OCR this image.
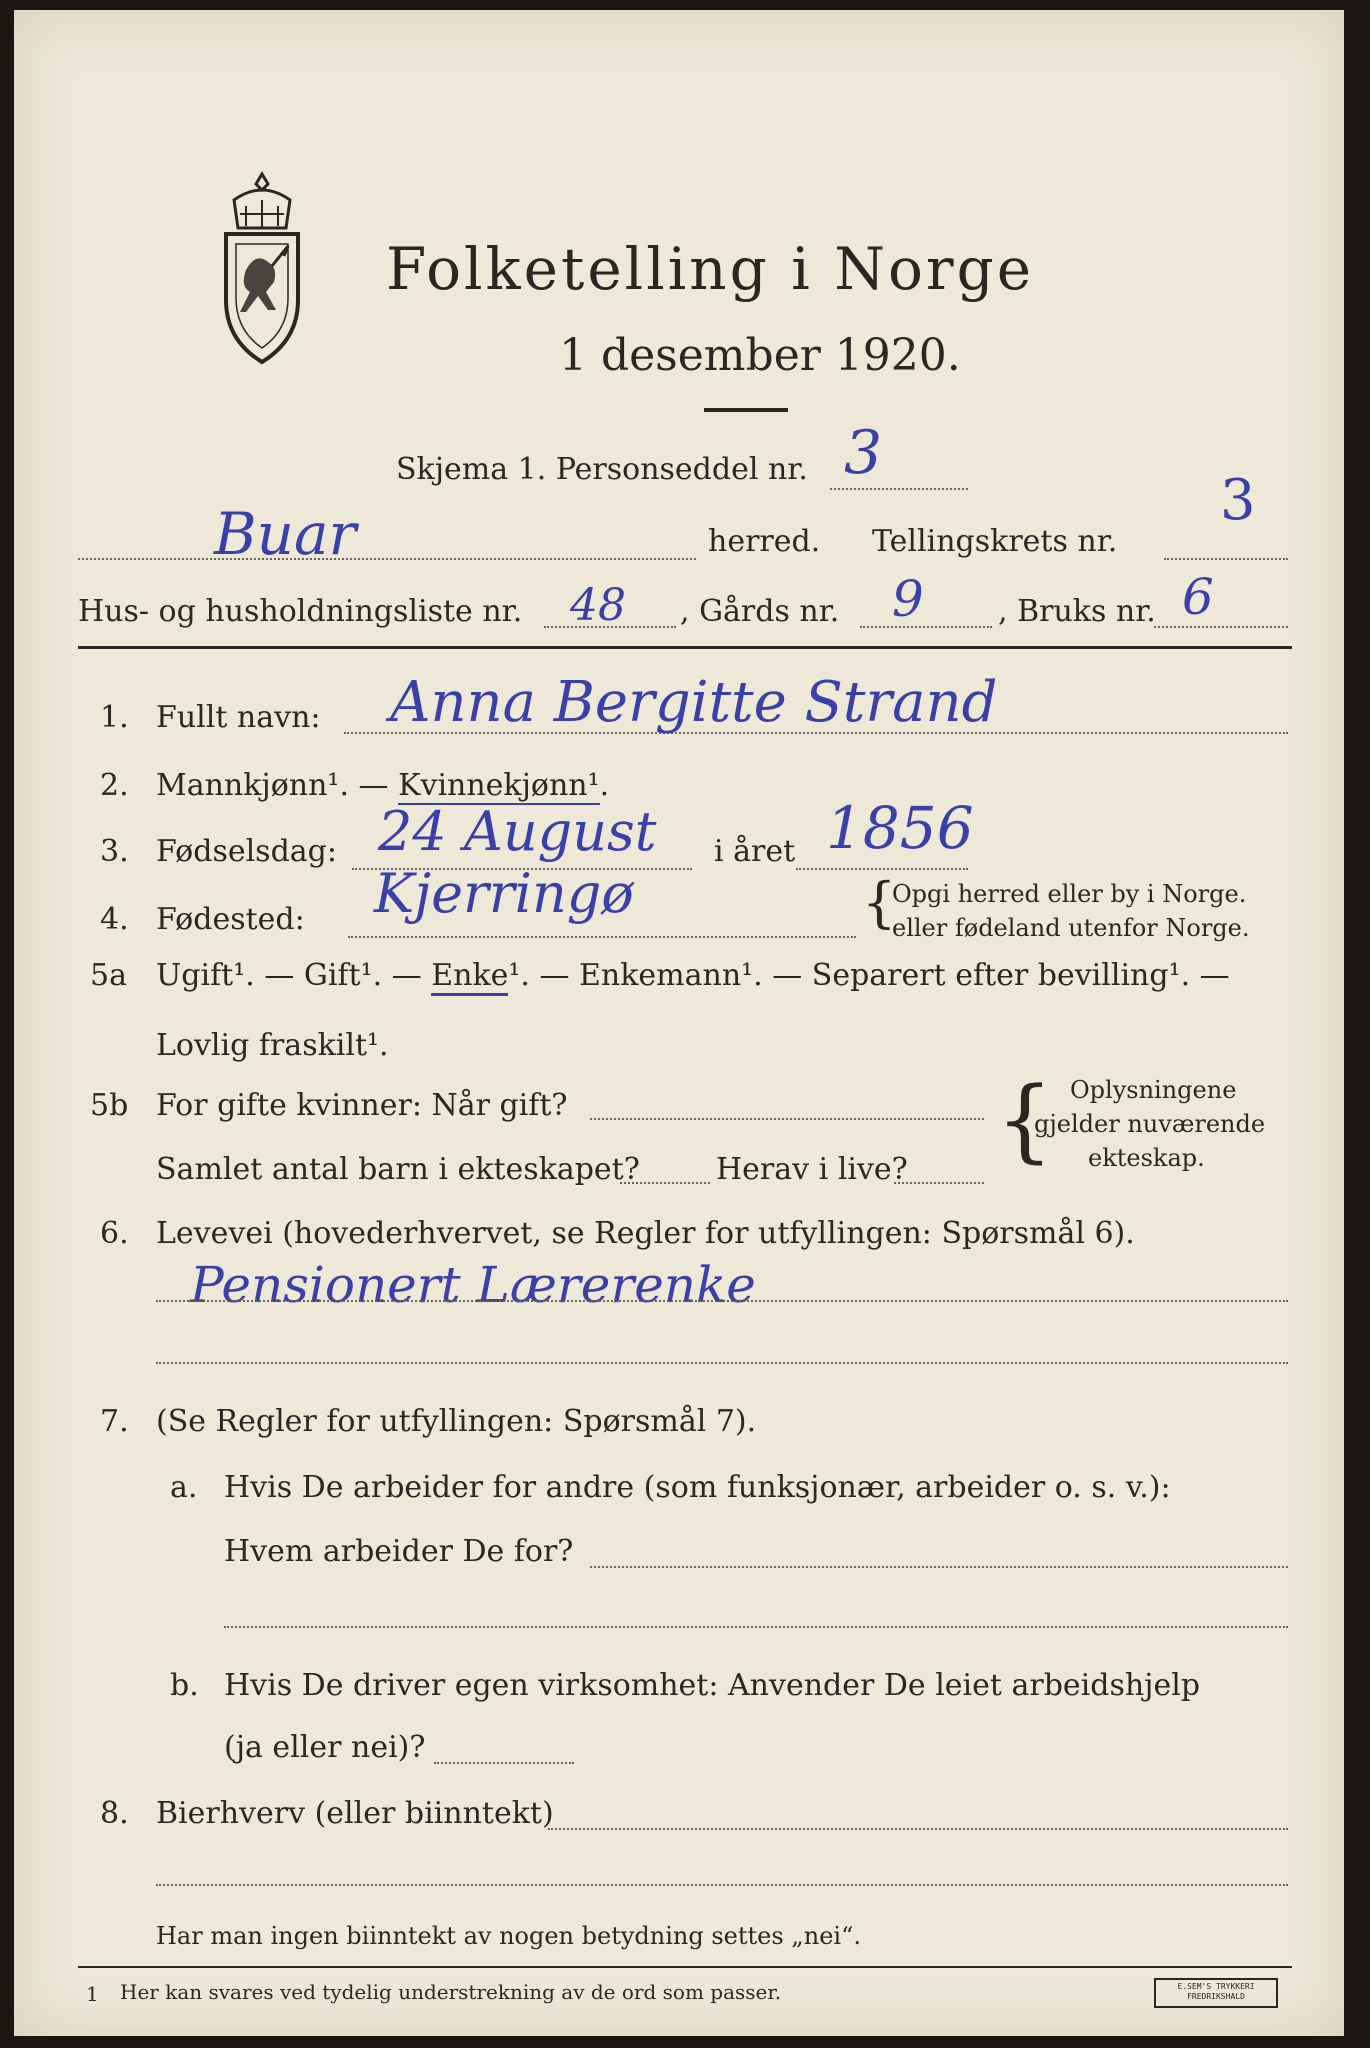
Folketelling i Norge
1 desember 1920.
Skjema 1. Personseddel nr. 3
Buar	herred. Tellingskrets nr.
3
Hus- og husholdningsliste nr. 48 , Gårds nr. 9 , Bruks nr. 6
1. Fullt navn: Anna Bergitte Strand
2. Mannkjønn¹. — Kvinnekjønn¹.
3. Fødselsdag: 24 August i året 1856
4. Fødested: Kjerringø	{
Opgi herred eller by i Norge.
eller fødeland utenfor Norge.
5a Ugift¹. — Gift¹. — Enke¹. — Enkemann¹. — Separert efter bevilling¹. —
Lovlig fraskilt¹.
5b For gifte kvinner: Når gift?
Samlet antal barn i ekteskapet?	Herav i live? { Oplysningene
gjelder nuværende
ekteskap.
6. Levevei (hovederhvervet, se Regler for utfyllingen: Spørsmål 6).
Pensionert Lærerenke
7. (Se Regler for utfyllingen: Spørsmål 7).
a. Hvis De arbeider for andre (som funksjonær, arbeider o. s. v.):
Hvem arbeider De for?
b. Hvis De driver egen virksomhet: Anvender De leiet arbeidshjelp
(ja eller nei)?
8. Bierhverv (eller biinntekt)
Har man ingen biinntekt av nogen betydning settes „nei“.
1 Her kan svares ved tydelig understrekning av de ord som passer.	E.SEM'S TRYKKERI FREDRIKSHALD
